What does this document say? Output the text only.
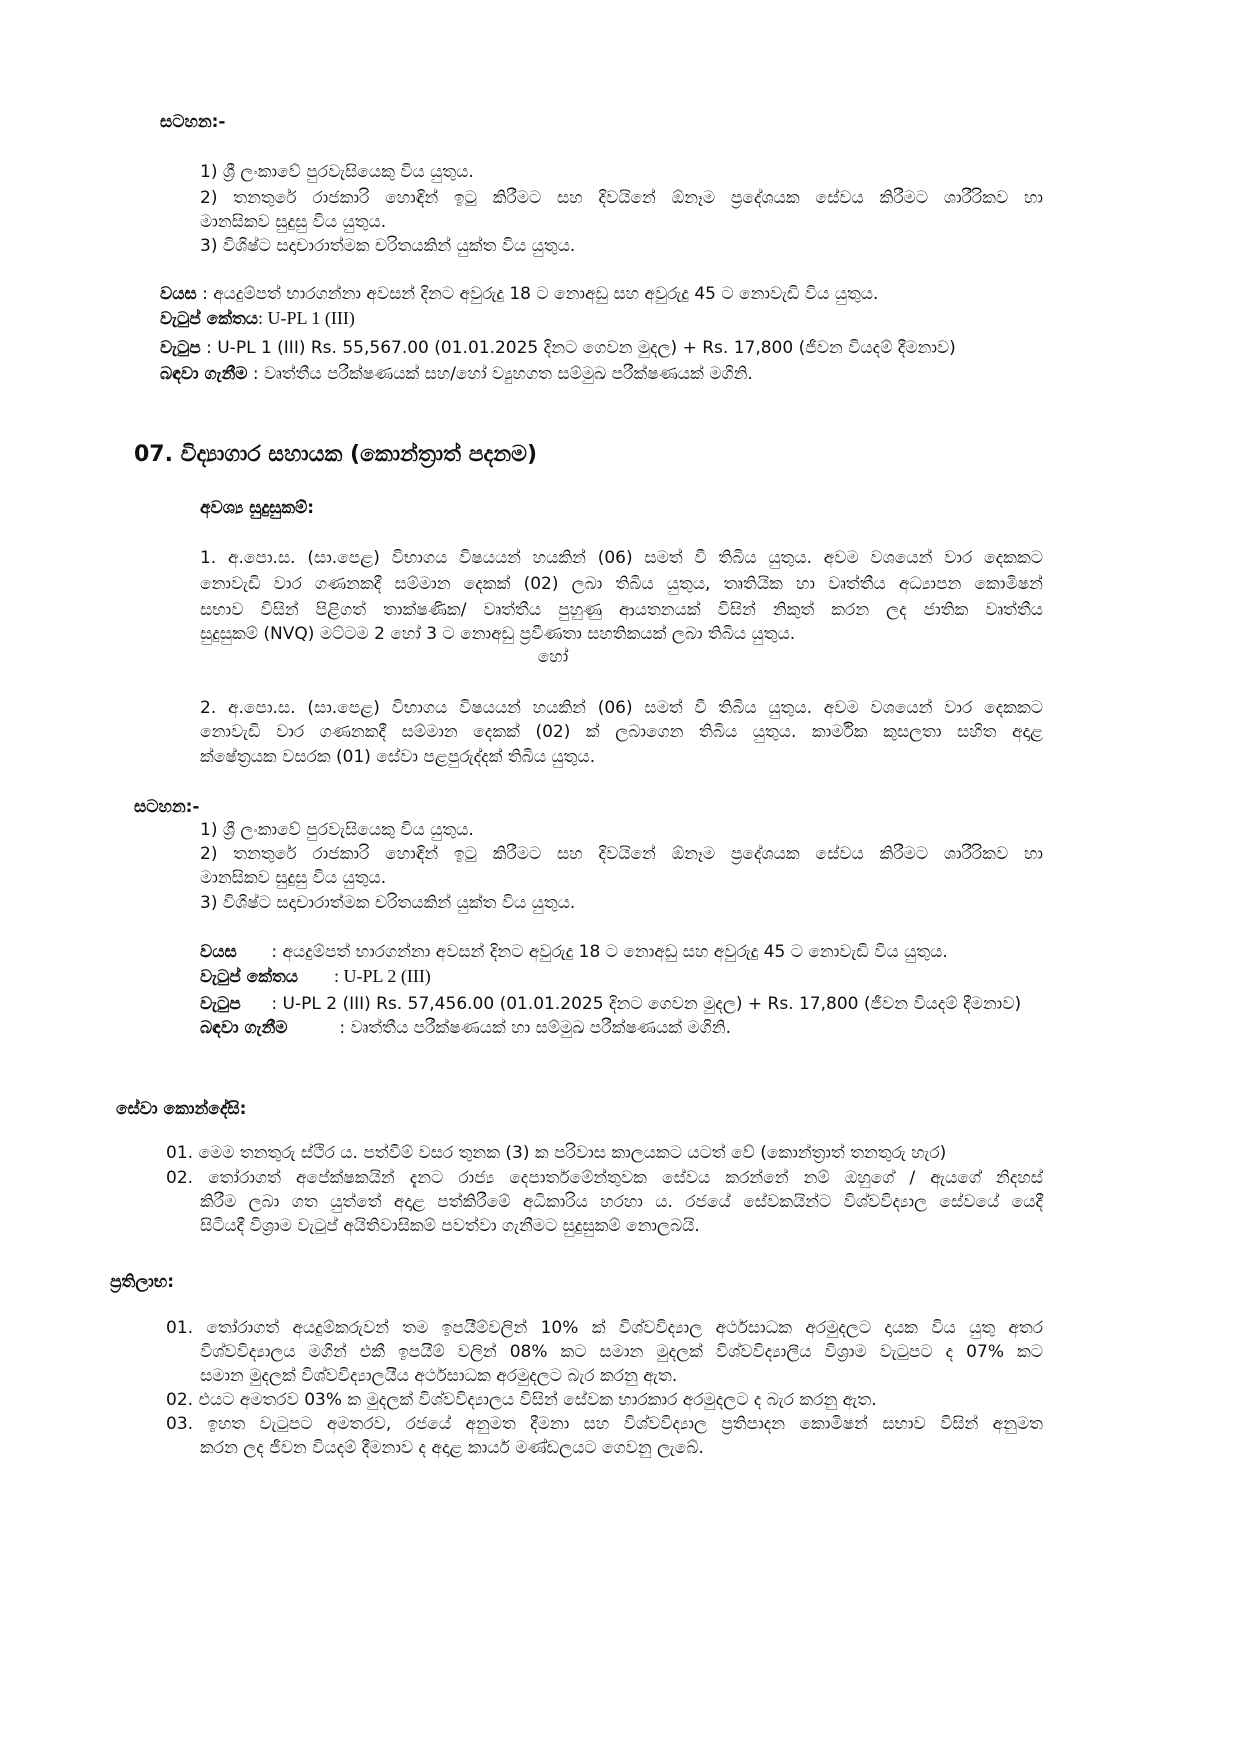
සටහන:-
1) ශ්‍රී ලංකාවේ පුරවැසියෙකු විය යුතුය.
2) තනතුරේ රාජකාරි හොඳින් ඉටු කිරීමට සහ දිවයිනේ ඕනෑම ප්‍රදේශයක සේවය කිරීමට ශාරීරිකව හා
මානසිකව සුදුසු විය යුතුය.
3) විශිෂ්ට සදාචාරාත්මක චරිතයකින් යුක්ත විය යුතුය.
වයස : අයදුම්පත් භාරගන්නා අවසන් දිනට අවුරුදු 18 ට නොඅඩු සහ අවුරුදු 45 ට නොවැඩි විය යුතුය.
වැටුප් කේතය: U-PL 1 (III)
වැටුප : U-PL 1 (III) Rs. 55,567.00 (01.01.2025 දිනට ගෙවන මුදල) + Rs. 17,800 (ජීවන වියදම් දීමනාව)
බඳවා ගැනීම : වෘත්තීය පරීක්ෂණයක් සහ/හෝ ව්‍යුහගත සම්මුඛ පරීක්ෂණයක් මගිනි.
07. විද්‍යාගාර සහායක (කොන්ත්‍රාත් පදනම)
අවශ්‍ය සුදුසුකම්:
1. අ.පො.ස. (සා.පෙළ) විභාගය විෂයයන් හයකින් (06) සමත් වී තිබිය යුතුය. අවම වශයෙන් වාර දෙකකට
නොවැඩි වාර ගණනකදී සම්මාන දෙකක් (02) ලබා තිබිය යුතුය, තෘතියික හා වෘත්තීය අධ්‍යාපන කොමිෂන්
සභාව විසින් පිළිගත් තාක්ෂණික/ වෘත්තීය පුහුණු ආයතනයක් විසින් නිකුත් කරන ලද ජාතික වෘත්තීය
සුදුසුකම් (NVQ) මට්ටම 2 හෝ 3 ට නොඅඩු ප්‍රවීණතා සහතිකයක් ලබා තිබිය යුතුය.
හෝ
2. අ.පො.ස. (සා.පෙළ) විභාගය විෂයයන් හයකින් (06) සමත් වී තිබිය යුතුය. අවම වශයෙන් වාර දෙකකට
නොවැඩි වාර ගණනකදී සම්මාන දෙකක් (02) ක් ලබාගෙන තිබිය යුතුය. කාර්මික කුසලතා සහිත අදාළ
ක්ෂේත්‍රයක වසරක (01) සේවා පළපුරුද්දක් තිබිය යුතුය.
සටහන:-
1) ශ්‍රී ලංකාවේ පුරවැසියෙකු විය යුතුය.
2) තනතුරේ රාජකාරි හොඳින් ඉටු කිරීමට සහ දිවයිනේ ඕනෑම ප්‍රදේශයක සේවය කිරීමට ශාරීරිකව හා
මානසිකව සුදුසු විය යුතුය.
3) විශිෂ්ට සදාචාරාත්මක චරිතයකින් යුක්ත විය යුතුය.
වයස : අයදුම්පත් භාරගන්නා අවසන් දිනට අවුරුදු 18 ට නොඅඩු සහ අවුරුදු 45 ට නොවැඩි විය යුතුය.
වැටුප් කේතය : U-PL 2 (III)
වැටුප : U-PL 2 (III) Rs. 57,456.00 (01.01.2025 දිනට ගෙවන මුදල) + Rs. 17,800 (ජීවන වියදම් දීමනාව)
බඳවා ගැනීම	: වෘත්තීය පරීක්ෂණයක් හා සම්මුඛ පරීක්ෂණයක් මගිනි.
සේවා කොන්දේසි:
01. මෙම තනතුරු ස්ථිර ය. පත්වීම් වසර තුනක (3) ක පරිවාස කාලයකට යටත් වේ (කොන්ත්‍රාත් තනතුරු හැර)
02. තෝරාගත් අපේක්ෂකයින් දැනට රාජ්‍ය දෙපාර්තමේන්තුවක සේවය කරන්නේ නම් ඔහුගේ / ඇයගේ නිදහස්
කිරීම ලබා ගත යුත්තේ අදාළ පත්කිරීමේ අධිකාරිය හරහා ය. රජයේ සේවකයින්ට විශ්වවිද්‍යාල සේවයේ යෙදී
සිටියදී විශ්‍රාම වැටුප් අයිතිවාසිකම් පවත්වා ගැනීමට සුදුසුකම් නොලබයි.
ප්‍රතිලාභ:
01. තෝරාගත් අයදුම්කරුවන් තම ඉපයීම්වලින් 10% ක් විශ්වවිද්‍යාල අර්ථසාධක අරමුදලට දායක විය යුතු අතර
විශ්වවිද්‍යාලය මගින් එකී ඉපයීම් වලින් 08% කට සමාන මුදලක් විශ්වවිද්‍යාලීය විශ්‍රාම වැටුපට ද 07% කට
සමාන මුදලක් විශ්වවිද්‍යාලයීය අර්ථසාධක අරමුදලට බැර කරනු ඇත.
02. එයට අමතරව 03% ක මුදලක් විශ්වවිද්‍යාලය විසින් සේවක භාරකාර අරමුදලට ද බැර කරනු ඇත.
03. ඉහත වැටුපට අමතරව, රජයේ අනුමත දීමනා සහ විශ්වවිද්‍යාල ප්‍රතිපාදන කොමිෂන් සභාව විසින් අනුමත
කරන ලද ජීවන වියදම් දීමනාව ද අදාළ කාර්ය මණ්ඩලයට ගෙවනු ලැබේ.
